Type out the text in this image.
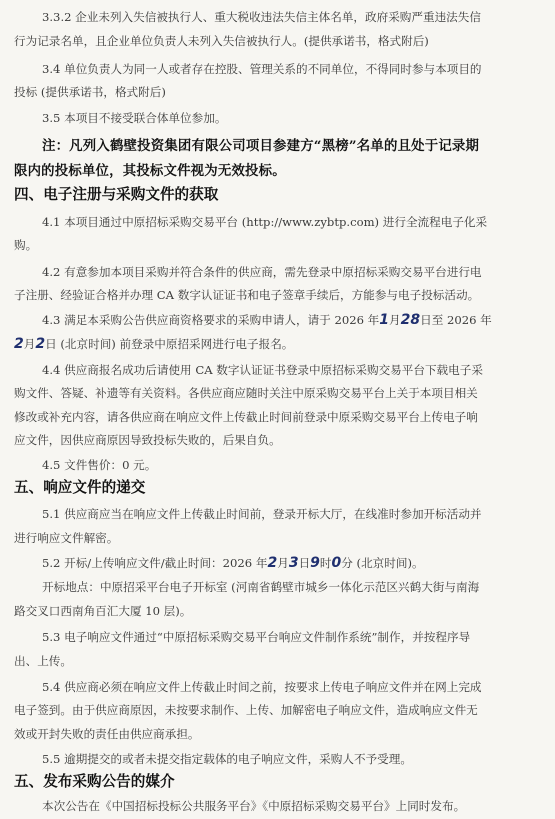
3.3.2 企业未列入失信被执行人、重大税收违法失信主体名单，政府采购严重违法失信
行为记录名单，且企业单位负责人未列入失信被执行人。(提供承诺书，格式附后)
3.4 单位负责人为同一人或者存在控股、管理关系的不同单位，不得同时参与本项目的
投标 (提供承诺书，格式附后)
3.5 本项目不接受联合体单位参加。
注：凡列入鹤壁投资集团有限公司项目参建方“黑榜”名单的且处于记录期
限内的投标单位，其投标文件视为无效投标。
四、电子注册与采购文件的获取
4.1 本项目通过中原招标采购交易平台 (http://www.zybtp.com) 进行全流程电子化采
购。
4.2 有意参加本项目采购并符合条件的供应商，需先登录中原招标采购交易平台进行电
子注册、经验证合格并办理 CA 数字认证证书和电子签章手续后，方能参与电子投标活动。
4.3 满足本采购公告供应商资格要求的采购申请人，请于 2026 年1月28日至 2026 年
2月2日 (北京时间) 前登录中原招采网进行电子报名。
4.4 供应商报名成功后请使用 CA 数字认证证书登录中原招标采购交易平台下载电子采
购文件、答疑、补遗等有关资料。各供应商应随时关注中原采购交易平台上关于本项目相关
修改或补充内容，请各供应商在响应文件上传截止时间前登录中原采购交易平台上传电子响
应文件，因供应商原因导致投标失败的，后果自负。
4.5 文件售价：0 元。
五、响应文件的递交
5.1 供应商应当在响应文件上传截止时间前，登录开标大厅，在线准时参加开标活动并
进行响应文件解密。
5.2 开标/上传响应文件/截止时间：2026 年2月3日9时0分 (北京时间)。
开标地点：中原招采平台电子开标室 (河南省鹤壁市城乡一体化示范区兴鹤大街与南海
路交叉口西南角百汇大厦 10 层)。
5.3 电子响应文件通过“中原招标采购交易平台响应文件制作系统”制作，并按程序导
出、上传。
5.4 供应商必须在响应文件上传截止时间之前，按要求上传电子响应文件并在网上完成
电子签到。由于供应商原因，未按要求制作、上传、加解密电子响应文件，造成响应文件无
效或开封失败的责任由供应商承担。
5.5 逾期提交的或者未提交指定载体的电子响应文件，采购人不予受理。
五、发布采购公告的媒介
本次公告在《中国招标投标公共服务平台》《中原招标采购交易平台》上同时发布。
